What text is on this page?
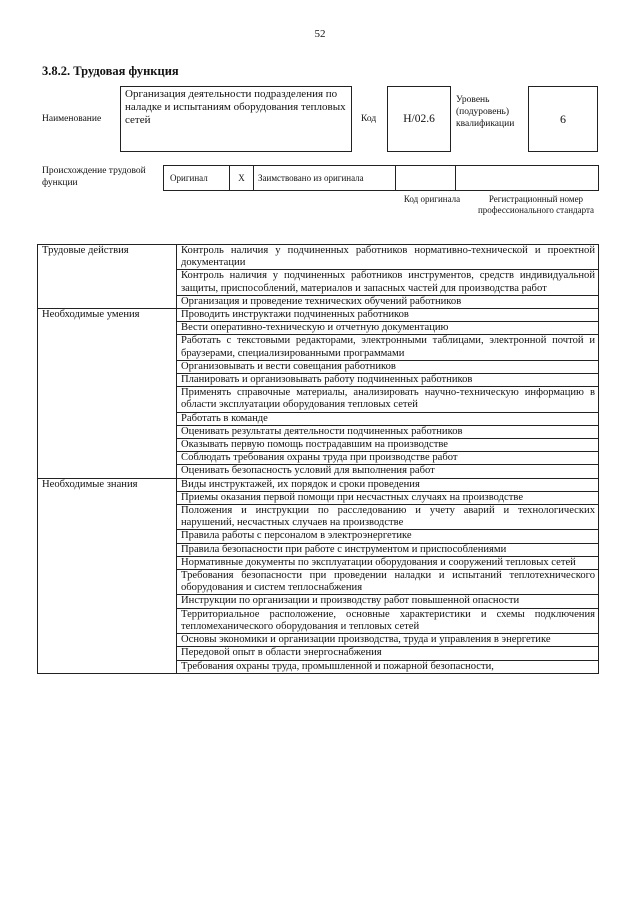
52
3.8.2. Трудовая функция
Наименование
Организация деятельности подразделения по наладке и испытаниям оборудования тепловых сетей	Код	Н/02.6
Уровень (подуровень) квалификации	6
Происхождение трудовой функции	Оригинал	X	Заимствовано из оригинала
Код оригинала	Регистрационный номер профессионального стандарта
Трудовые действия	Контроль наличия у подчиненных работников нормативно-технической и проектной документации
	Контроль наличия у подчиненных работников инструментов, средств индивидуальной защиты, приспособлений, материалов и запасных частей для производства работ
	Организация и проведение технических обучений работников
Необходимые умения	Проводить инструктажи подчиненных работников
	Вести оперативно-техническую и отчетную документацию
	Работать с текстовыми редакторами, электронными таблицами, электронной почтой и браузерами, специализированными программами
	Организовывать и вести совещания работников
	Планировать и организовывать работу подчиненных работников
	Применять справочные материалы, анализировать научно-техническую информацию в области эксплуатации оборудования тепловых сетей
	Работать в команде
	Оценивать результаты деятельности подчиненных работников
	Оказывать первую помощь пострадавшим на производстве
	Соблюдать требования охраны труда при производстве работ
	Оценивать безопасность условий для выполнения работ
Необходимые знания	Виды инструктажей, их порядок и сроки проведения
	Приемы оказания первой помощи при несчастных случаях на производстве
	Положения и инструкции по расследованию и учету аварий и технологических нарушений, несчастных случаев на производстве
	Правила работы с персоналом в электроэнергетике
	Правила безопасности при работе с инструментом и приспособлениями
	Нормативные документы по эксплуатации оборудования и сооружений тепловых сетей
	Требования безопасности при проведении наладки и испытаний теплотехнического оборудования и систем теплоснабжения
	Инструкции по организации и производству работ повышенной опасности
	Территориальное расположение, основные характеристики и схемы подключения тепломеханического оборудования и тепловых сетей
	Основы экономики и организации производства, труда и управления в энергетике
	Передовой опыт в области энергоснабжения
	Требования охраны труда, промышленной и пожарной безопасности,
